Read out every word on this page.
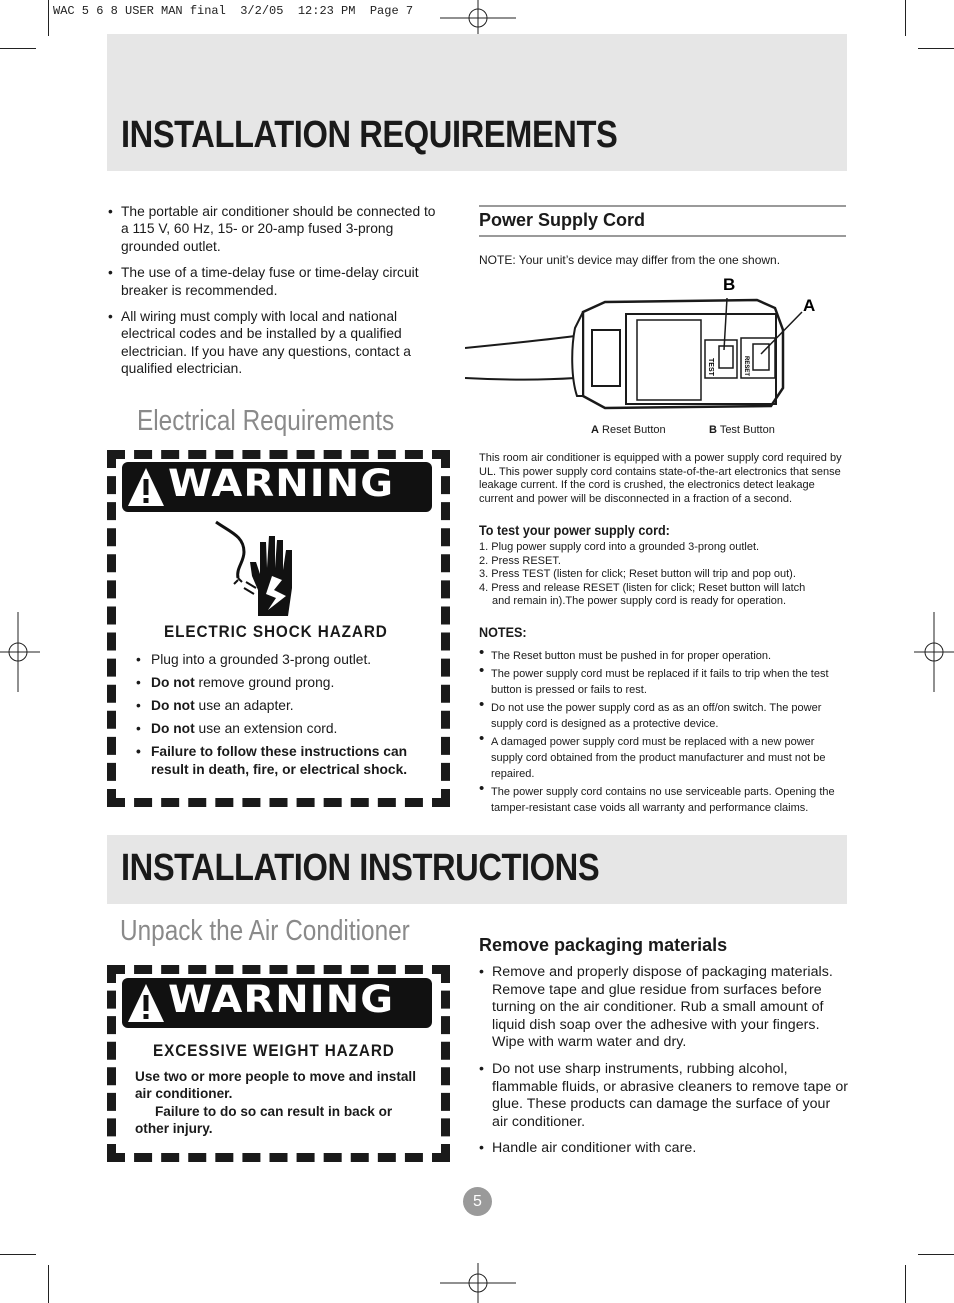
WAC 5 6 8 USER MAN final  3/2/05  12:23 PM  Page 7
INSTALLATION REQUIREMENTS
• The portable air conditioner should be connected to a 115 V, 60 Hz, 15- or 20-amp fused 3-prong grounded outlet.
• The use of a time-delay fuse or time-delay circuit breaker is recommended.
• All wiring must comply with local and national electrical codes and be installed by a qualified electrician. If you have any questions, contact a qualified electrician.
Electrical Requirements
WARNING
ELECTRIC SHOCK HAZARD
• Plug into a grounded 3-prong outlet.
• Do not remove ground prong.
• Do not use an adapter.
• Do not use an extension cord.
• Failure to follow these instructions can result in death, fire, or electrical shock.
Power Supply Cord
NOTE: Your unit’s device may differ from the one shown.
TEST	RESET
B
A
A Reset Button	B Test Button
This room air conditioner is equipped with a power supply cord required by UL. This power supply cord contains state-of-the-art electronics that sense leakage current. If the cord is crushed, the electronics detect leakage current and power will be disconnected in a fraction of a second.
To test your power supply cord:
1. Plug power supply cord into a grounded 3-prong outlet.
2. Press RESET.
3. Press TEST (listen for click; Reset button will trip and pop out).
4. Press and release RESET (listen for click; Reset button will latch
and remain in).The power supply cord is ready for operation.
NOTES:
• The Reset button must be pushed in for proper operation.
• The power supply cord must be replaced if it fails to trip when the test button is pressed or fails to rest.
• Do not use the power supply cord as as an off/on switch. The power supply cord is designed as a protective device.
• A damaged power supply cord must be replaced with a new power supply cord obtained from the product manufacturer and must not be repaired.
• The power supply cord contains no use serviceable parts. Opening the tamper-resistant case voids all warranty and performance claims.
INSTALLATION INSTRUCTIONS
Unpack the Air Conditioner
WARNING
EXCESSIVE WEIGHT HAZARD
Use two or more people to move and install air conditioner.
Failure to do so can result in back or other injury.
Remove packaging materials
• Remove and properly dispose of packaging materials. Remove tape and glue residue from surfaces before turning on the air conditioner. Rub a small amount of liquid dish soap over the adhesive with your fingers. Wipe with warm water and dry.
• Do not use sharp instruments, rubbing alcohol, flammable fluids, or abrasive cleaners to remove tape or glue. These products can damage the surface of your air conditioner.
• Handle air conditioner with care.
5
